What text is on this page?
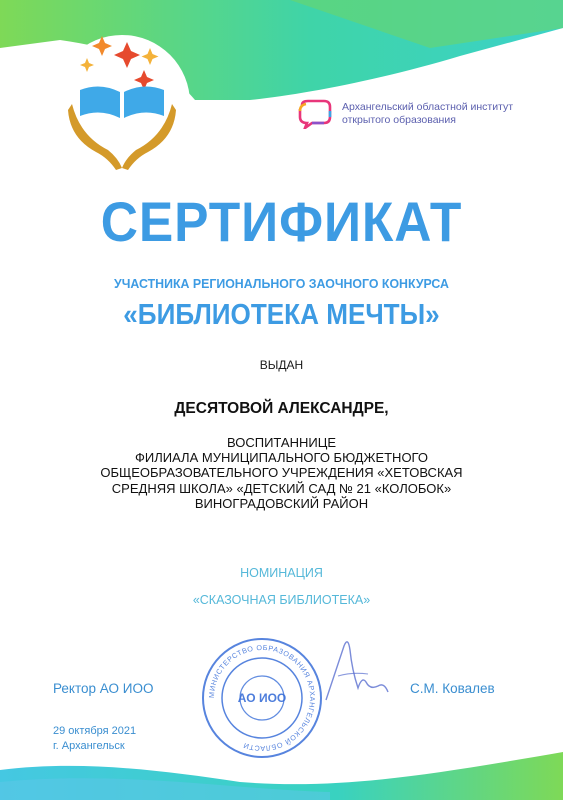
Архангельский областной институт
открытого образования
СЕРТИФИКАТ
УЧАСТНИКА РЕГИОНАЛЬНОГО ЗАОЧНОГО КОНКУРСА
«БИБЛИОТЕКА МЕЧТЫ»
ВЫДАН
ДЕСЯТОВОЙ АЛЕКСАНДРЕ,
ВОСПИТАННИЦЕ
ФИЛИАЛА МУНИЦИПАЛЬНОГО БЮДЖЕТНОГО
ОБЩЕОБРАЗОВАТЕЛЬНОГО УЧРЕЖДЕНИЯ «ХЕТОВСКАЯ
СРЕДНЯЯ ШКОЛА» «ДЕТСКИЙ САД № 21 «КОЛОБОК»
ВИНОГРАДОВСКИЙ РАЙОН
НОМИНАЦИЯ
«СКАЗОЧНАЯ БИБЛИОТЕКА»
Ректор АО ИОО	С.М. Ковалев
МИНИСТЕРСТВО ОБРАЗОВАНИЯ АРХАНГЕЛЬСКОЙ ОБЛАСТИ
АО ИОО
29 октября 2021
г. Архангельск
